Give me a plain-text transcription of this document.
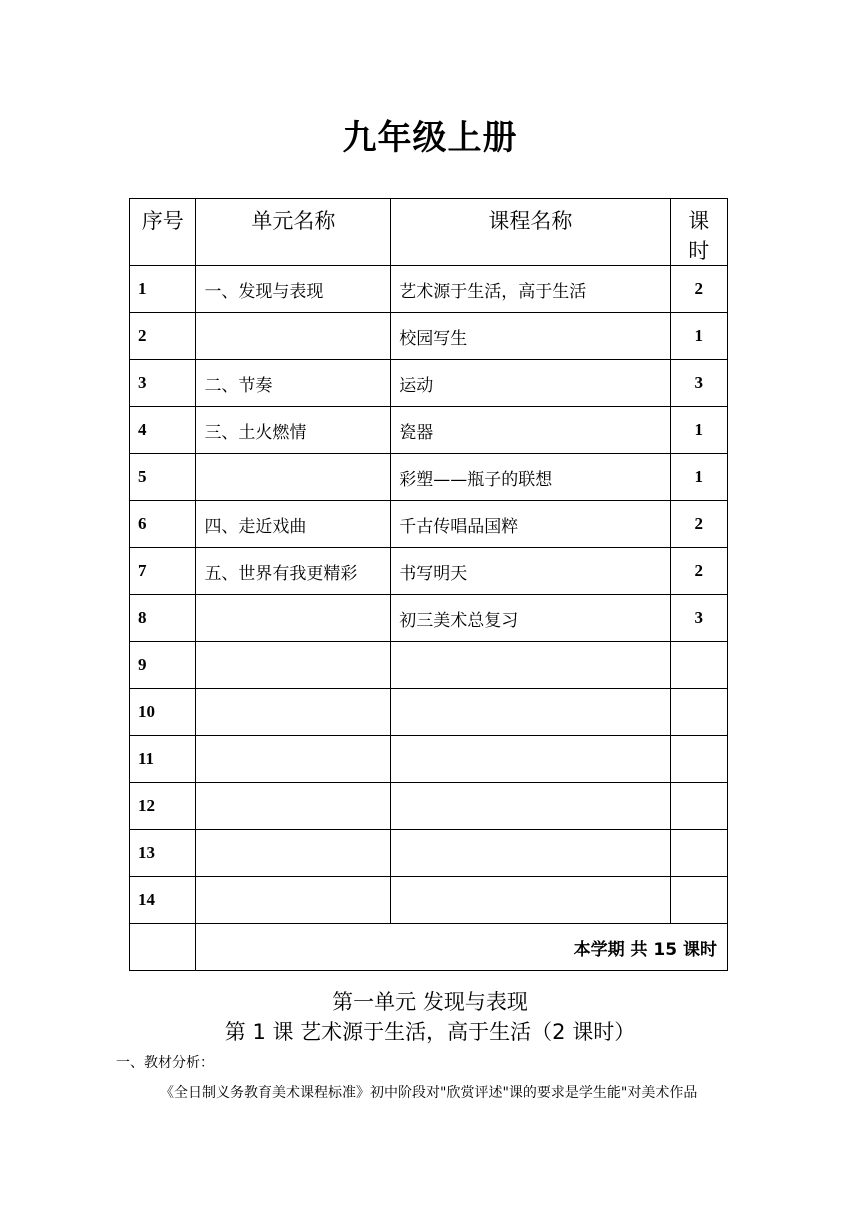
九年级上册
序号	单元名称	课程名称	课时
1	一、发现与表现	艺术源于生活，高于生活	2
2		校园写生	1
3	二、节奏	运动	3
4	三、土火燃情	瓷器	1
5		彩塑——瓶子的联想	1
6	四、走近戏曲	千古传唱品国粹	2
7	五、世界有我更精彩	书写明天	2
8		初三美术总复习	3
9			
10			
11			
12			
13			
14			
	本学期 共 15 课时		
第一单元 发现与表现
第 1 课 艺术源于生活，高于生活（2 课时）
一、教材分析：
《全日制义务教育美术课程标准》初中阶段对"欣赏评述"课的要求是学生能"对美术作品
